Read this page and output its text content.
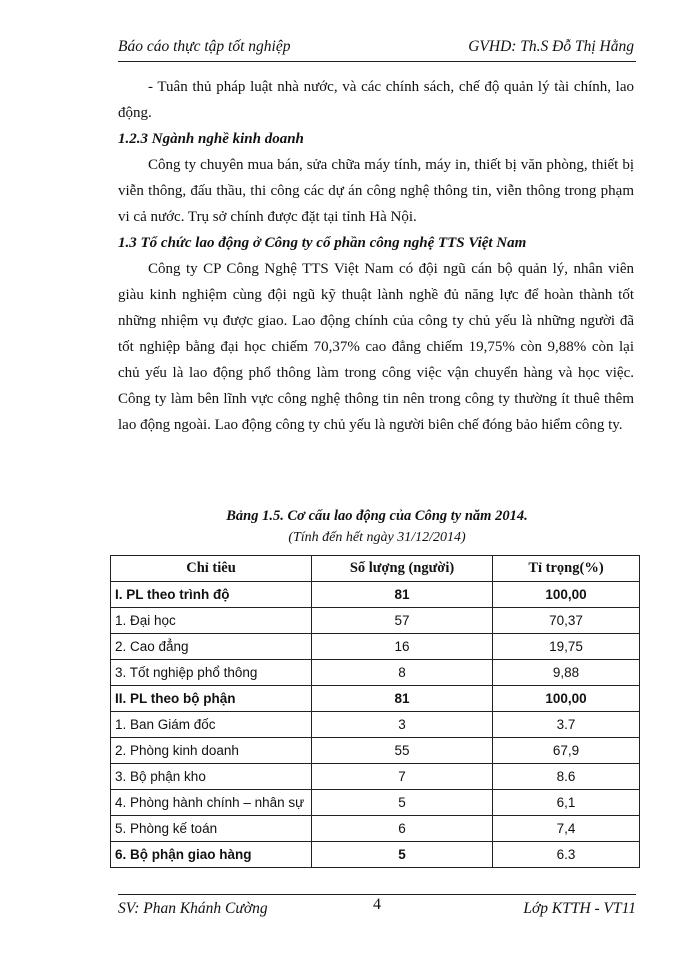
Báo cáo thực tập tốt nghiệp	GVHD: Th.S Đỗ Thị Hằng

- Tuân thủ pháp luật nhà nước, và các chính sách, chế độ quản lý tài chính, lao động.

1.2.3 Ngành nghề kinh doanh

Công ty chuyên mua bán, sửa chữa máy tính, máy in, thiết bị văn phòng, thiết bị viễn thông, đấu thầu, thi công các dự án công nghệ thông tin, viễn thông trong phạm vi cả nước. Trụ sở chính được đặt tại tỉnh Hà Nội.

1.3 Tổ chức lao động ở Công ty cổ phần công nghệ TTS Việt Nam

Công ty CP Công Nghệ TTS Việt Nam có đội ngũ cán bộ quản lý, nhân viên giàu kinh nghiệm cùng đội ngũ kỹ thuật lành nghề đủ năng lực để hoàn thành tốt những nhiệm vụ được giao. Lao động chính của công ty chủ yếu là những người đã tốt nghiệp bằng đại học chiếm 70,37% cao đẳng chiếm 19,75% còn 9,88% còn lại chủ yếu là lao động phổ thông làm trong công việc vận chuyển hàng và học việc. Công ty làm bên lĩnh vực công nghệ thông tin nên trong công ty thường ít thuê thêm lao động ngoài. Lao động công ty chủ yếu là người biên chế đóng bảo hiểm công ty.

Bảng 1.5. Cơ cấu lao động của Công ty năm 2014.
(Tính đến hết ngày 31/12/2014)
Chỉ tiêu	Số lượng (người)	Tỉ trọng(%)
I. PL theo trình độ	81	100,00
1. Đại học	57	70,37
2. Cao đẳng	16	19,75
3. Tốt nghiệp phổ thông	8	9,88
II. PL theo bộ phận	81	100,00
1. Ban Giám đốc	3	3.7
2. Phòng kinh doanh	55	67,9
3. Bộ phận kho	7	8.6
4. Phòng hành chính – nhân sự	5	6,1
5. Phòng kế toán	6	7,4
6. Bộ phận giao hàng	5	6.3
SV: Phan Khánh Cường	4	Lớp KTTH - VT11
